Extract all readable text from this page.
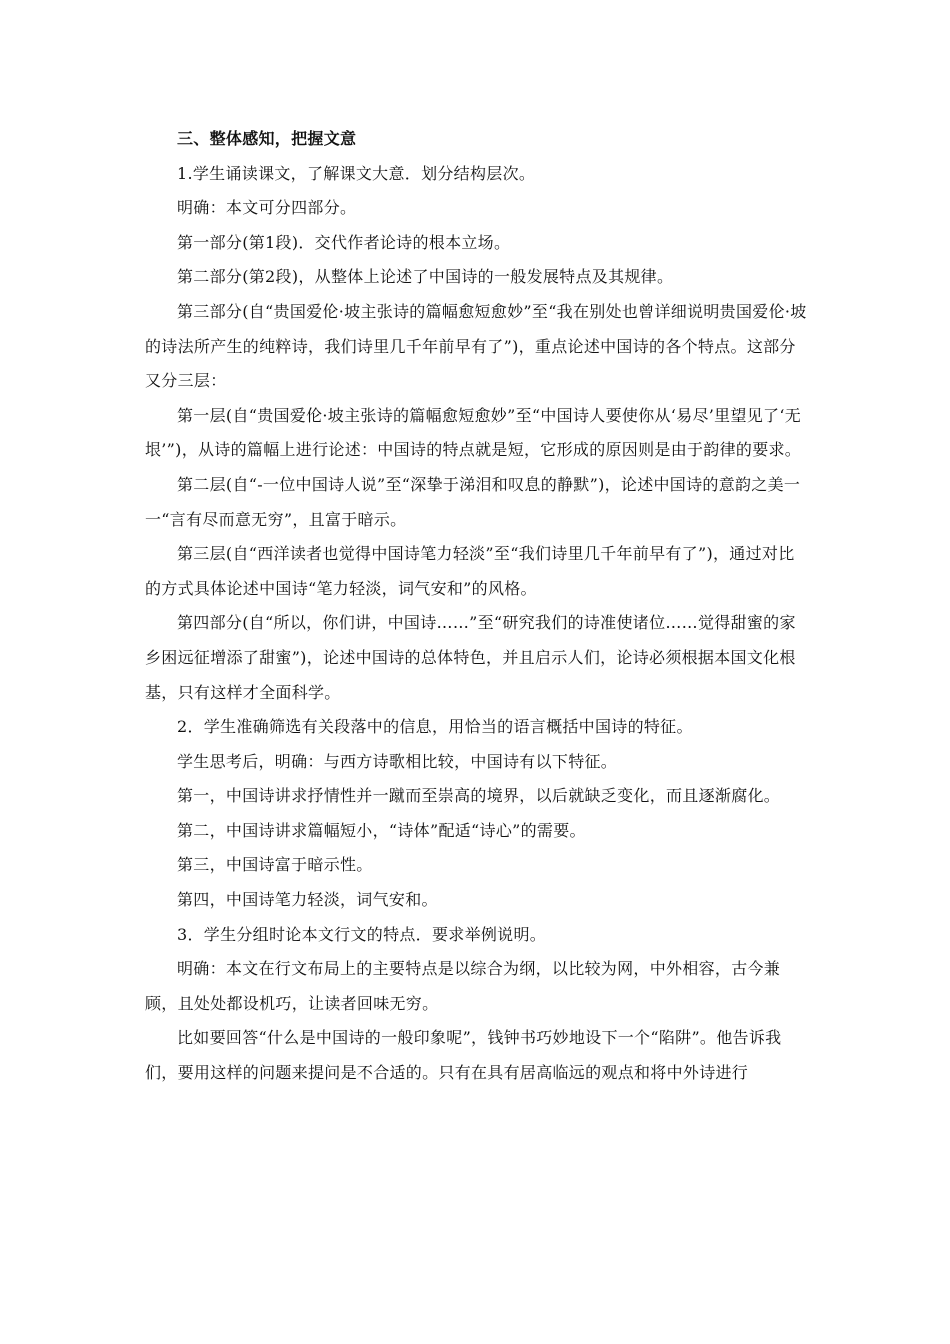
三、整体感知，把握文意

1.学生诵读课文，了解课文大意．划分结构层次。

明确：本文可分四部分。

第一部分(第1段)．交代作者论诗的根本立场。

第二部分(第2段)，从整体上论述了中国诗的一般发展特点及其规律。

第三部分(自“贵国爱伦·坡主张诗的篇幅愈短愈妙”至“我在别处也曾详细说明贵国爱伦·坡的诗法所产生的纯粹诗，我们诗里几千年前早有了”)，重点论述中国诗的各个特点。这部分又分三层：

第一层(自“贵国爱伦·坡主张诗的篇幅愈短愈妙”至“中国诗人要使你从‘易尽’里望见了‘无垠’”)，从诗的篇幅上进行论述：中国诗的特点就是短，它形成的原因则是由于韵律的要求。

第二层(自“-一位中国诗人说”至“深挚于涕泪和叹息的静默”)，论述中国诗的意韵之美一一“言有尽而意无穷”，且富于暗示。

第三层(自“西洋读者也觉得中国诗笔力轻淡”至“我们诗里几千年前早有了”)，通过对比的方式具体论述中国诗“笔力轻淡，词气安和”的风格。

第四部分(自“所以，你们讲，中国诗……”至“研究我们的诗准使诸位……觉得甜蜜的家乡困远征增添了甜蜜”)，论述中国诗的总体特色，并且启示人们，论诗必须根据本国文化根基，只有这样才全面科学。

2．学生准确筛选有关段落中的信息，用恰当的语言概括中国诗的特征。

学生思考后，明确：与西方诗歌相比较，中国诗有以下特征。

第一，中国诗讲求抒情性并一蹴而至崇高的境界，以后就缺乏变化，而且逐渐腐化。

第二，中国诗讲求篇幅短小，“诗体”配适“诗心”的需要。

第三，中国诗富于暗示性。

第四，中国诗笔力轻淡，词气安和。

3．学生分组时论本文行文的特点．要求举例说明。

明确：本文在行文布局上的主要特点是以综合为纲，以比较为网，中外相容，古今兼顾，且处处都设机巧，让读者回味无穷。

比如要回答“什么是中国诗的一般印象呢”，钱钟书巧妙地设下一个“陷阱”。他告诉我们，要用这样的问题来提问是不合适的。只有在具有居高临远的观点和将中外诗进行
